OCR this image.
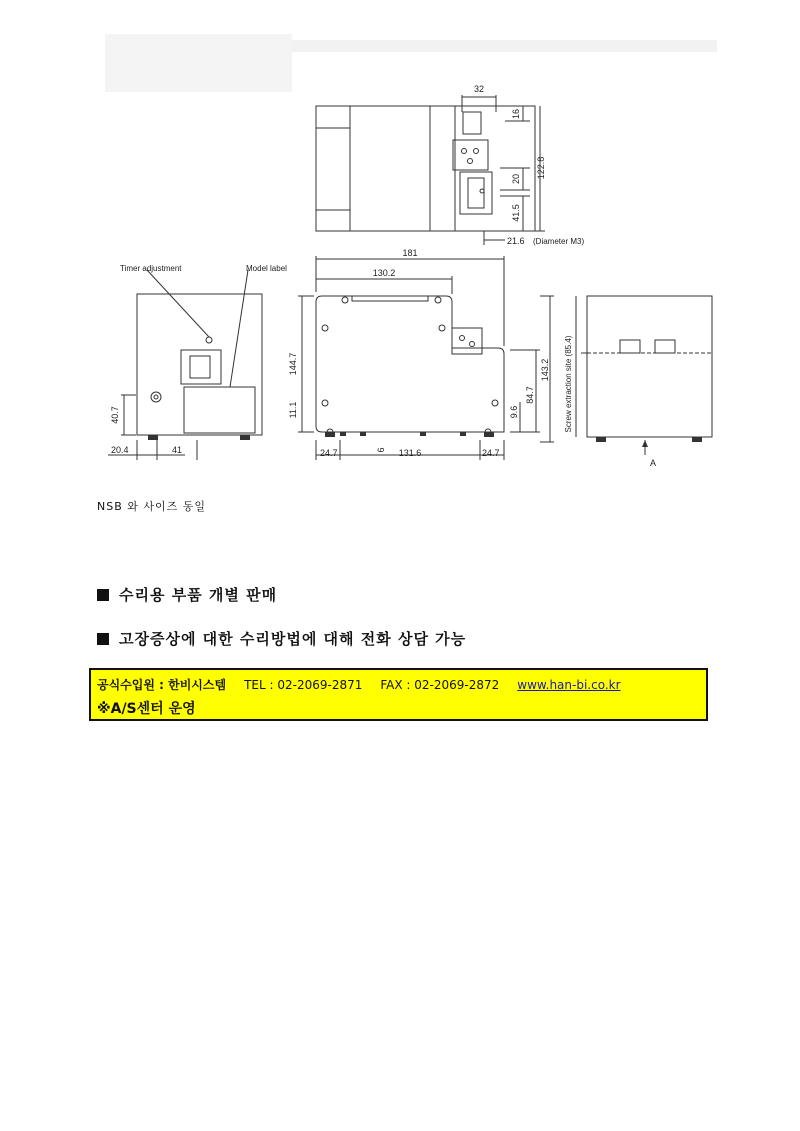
32
16
122.8
20
41.5
21.6 (Diameter M3)
Timer adjustment	Model label
40.7
20.4	41
181
130.2
144.7
11.1
143.2
84.7
9.6
24.7	6 131.6	24.7
Screw extraction site (85.4)
A
NSB 와 사이즈 동일
수리용 부품 개별 판매
고장증상에 대한 수리방법에 대해 전화 상담 가능
공식수입원 : 한비시스템 TEL : 02-2069-2871 FAX : 02-2069-2872 www.han-bi.co.kr
※A/S센터 운영
